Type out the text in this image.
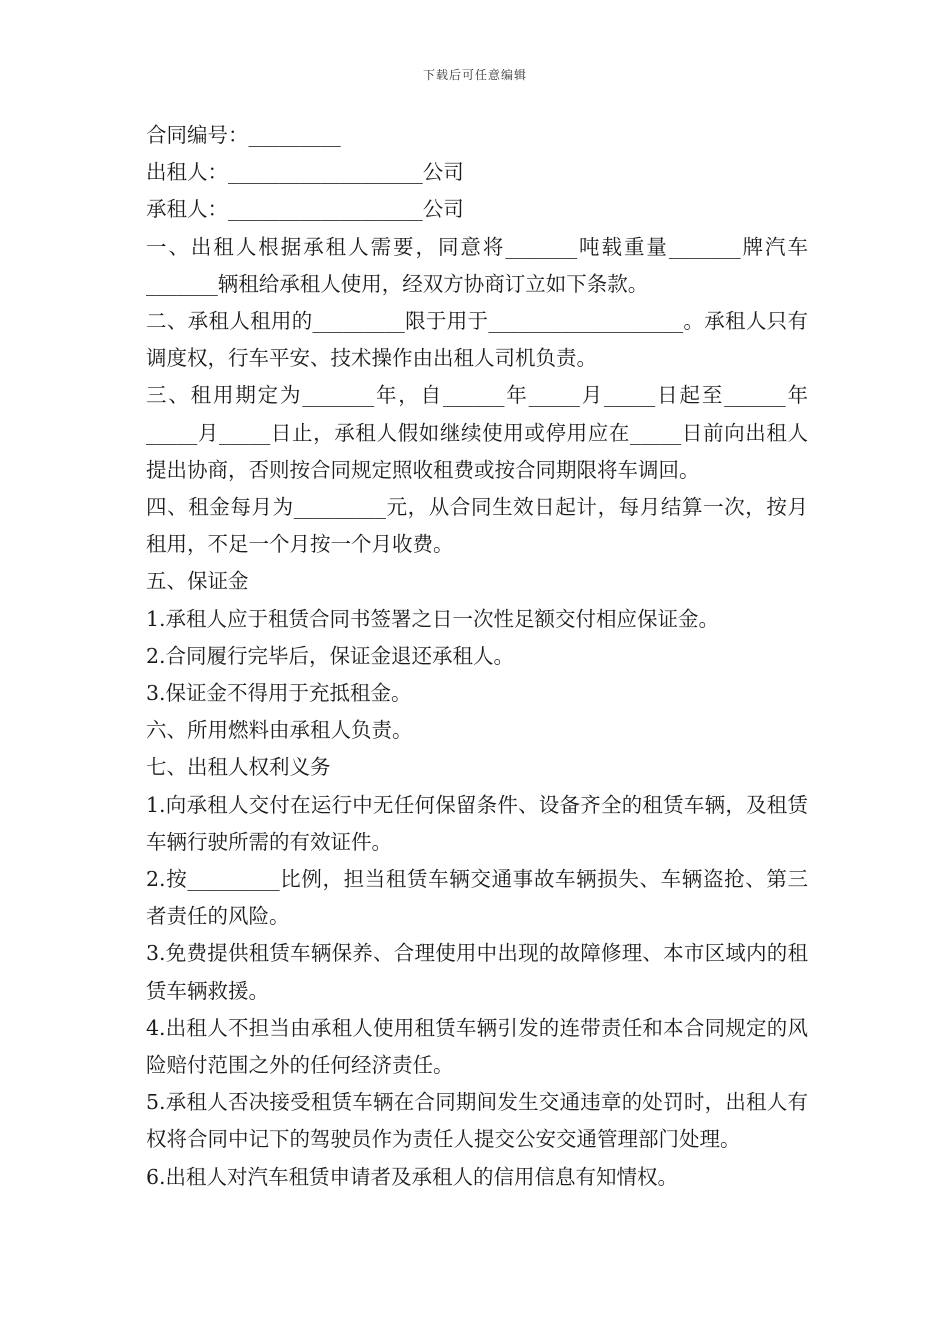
下载后可任意编辑

合同编号：_________

出租人：___________________公司

承租人：___________________公司

一、出租人根据承租人需要，同意将_______吨载重量_______牌汽车_______辆租给承租人使用，经双方协商订立如下条款。

二、承租人租用的_________限于用于___________________。承租人只有调度权，行车平安、技术操作由出租人司机负责。

三、租用期定为_______年，自______年_____月_____日起至______年_____月_____日止，承租人假如继续使用或停用应在_____日前向出租人提出协商，否则按合同规定照收租费或按合同期限将车调回。

四、租金每月为_________元，从合同生效日起计，每月结算一次，按月租用，不足一个月按一个月收费。

五、保证金

1.承租人应于租赁合同书签署之日一次性足额交付相应保证金。

2.合同履行完毕后，保证金退还承租人。

3.保证金不得用于充抵租金。

六、所用燃料由承租人负责。

七、出租人权利义务

1.向承租人交付在运行中无任何保留条件、设备齐全的租赁车辆，及租赁车辆行驶所需的有效证件。

2.按_________比例，担当租赁车辆交通事故车辆损失、车辆盗抢、第三者责任的风险。

3.免费提供租赁车辆保养、合理使用中出现的故障修理、本市区域内的租赁车辆救援。

4.出租人不担当由承租人使用租赁车辆引发的连带责任和本合同规定的风险赔付范围之外的任何经济责任。

5.承租人否决接受租赁车辆在合同期间发生交通违章的处罚时，出租人有权将合同中记下的驾驶员作为责任人提交公安交通管理部门处理。

6.出租人对汽车租赁申请者及承租人的信用信息有知情权。
